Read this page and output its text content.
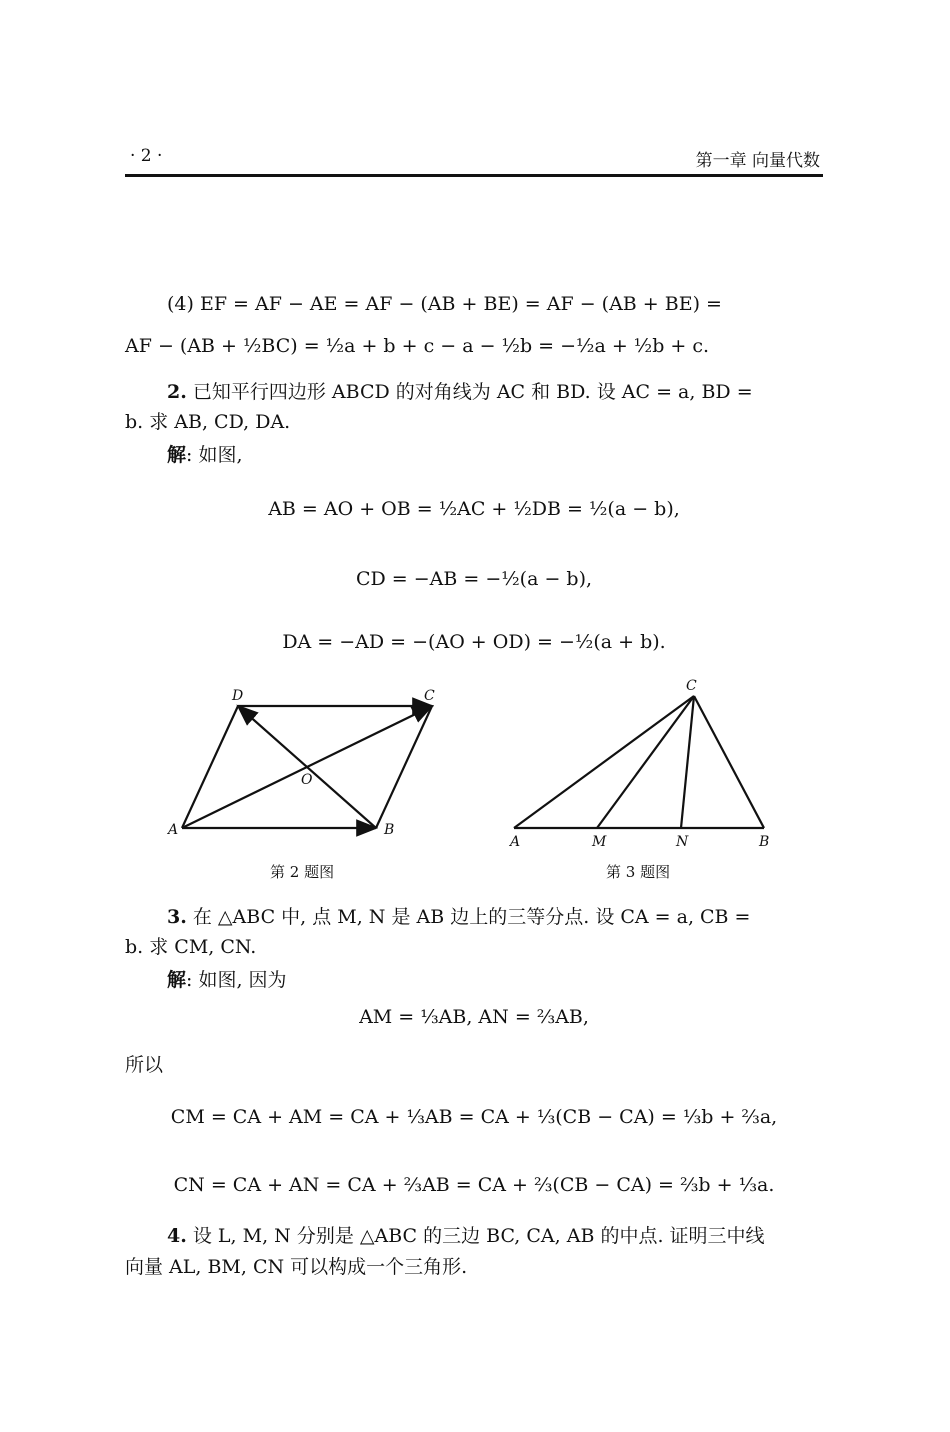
· 2 ·	第一章 向量代数
(4) EF = AF − AE = AF − (AB + BE) = AF − (AB + BE) =
AF − (AB + ½BC) = ½a + b + c − a − ½b = −½a + ½b + c.
2. 已知平行四边形 ABCD 的对角线为 AC 和 BD. 设 AC = a, BD =
b. 求 AB, CD, DA.
解: 如图,
AB = AO + OB = ½AC + ½DB = ½(a − b),
CD = −AB = −½(a − b),
DA = −AD = −(AO + OD) = −½(a + b).
A	B
C
D
O
第 2 题图
A	M	N	B
C
第 3 题图
3. 在 △ABC 中, 点 M, N 是 AB 边上的三等分点. 设 CA = a, CB =
b. 求 CM, CN.
解: 如图, 因为
AM = ⅓AB, AN = ⅔AB,
所以
CM = CA + AM = CA + ⅓AB = CA + ⅓(CB − CA) = ⅓b + ⅔a,
CN = CA + AN = CA + ⅔AB = CA + ⅔(CB − CA) = ⅔b + ⅓a.
4. 设 L, M, N 分别是 △ABC 的三边 BC, CA, AB 的中点. 证明三中线
向量 AL, BM, CN 可以构成一个三角形.
